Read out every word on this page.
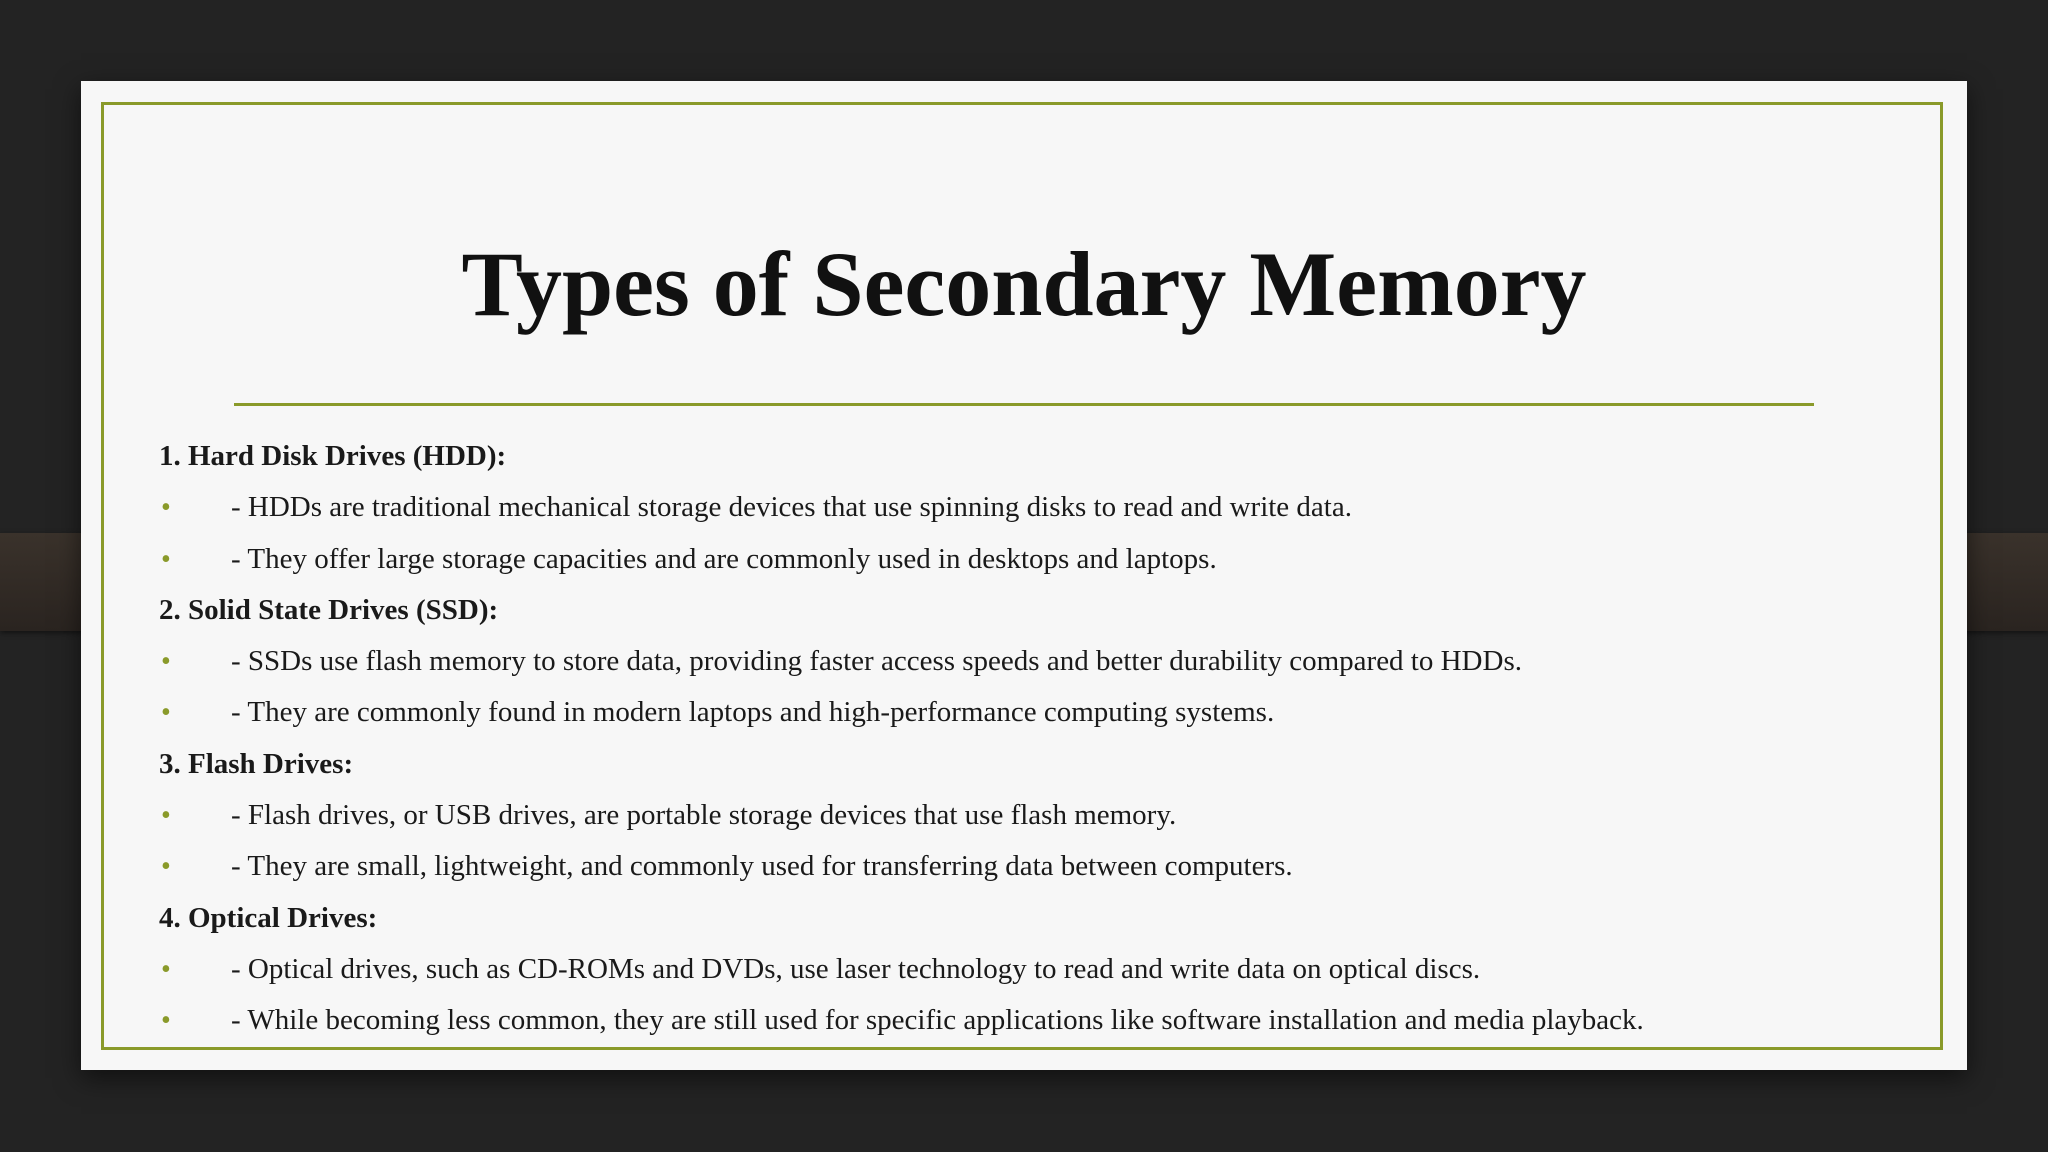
Types of Secondary Memory
1. Hard Disk Drives (HDD):
• - HDDs are traditional mechanical storage devices that use spinning disks to read and write data.
• - They offer large storage capacities and are commonly used in desktops and laptops.
2. Solid State Drives (SSD):
• - SSDs use flash memory to store data, providing faster access speeds and better durability compared to HDDs.
• - They are commonly found in modern laptops and high-performance computing systems.
3. Flash Drives:
• - Flash drives, or USB drives, are portable storage devices that use flash memory.
• - They are small, lightweight, and commonly used for transferring data between computers.
4. Optical Drives:
• - Optical drives, such as CD-ROMs and DVDs, use laser technology to read and write data on optical discs.
• - While becoming less common, they are still used for specific applications like software installation and media playback.
